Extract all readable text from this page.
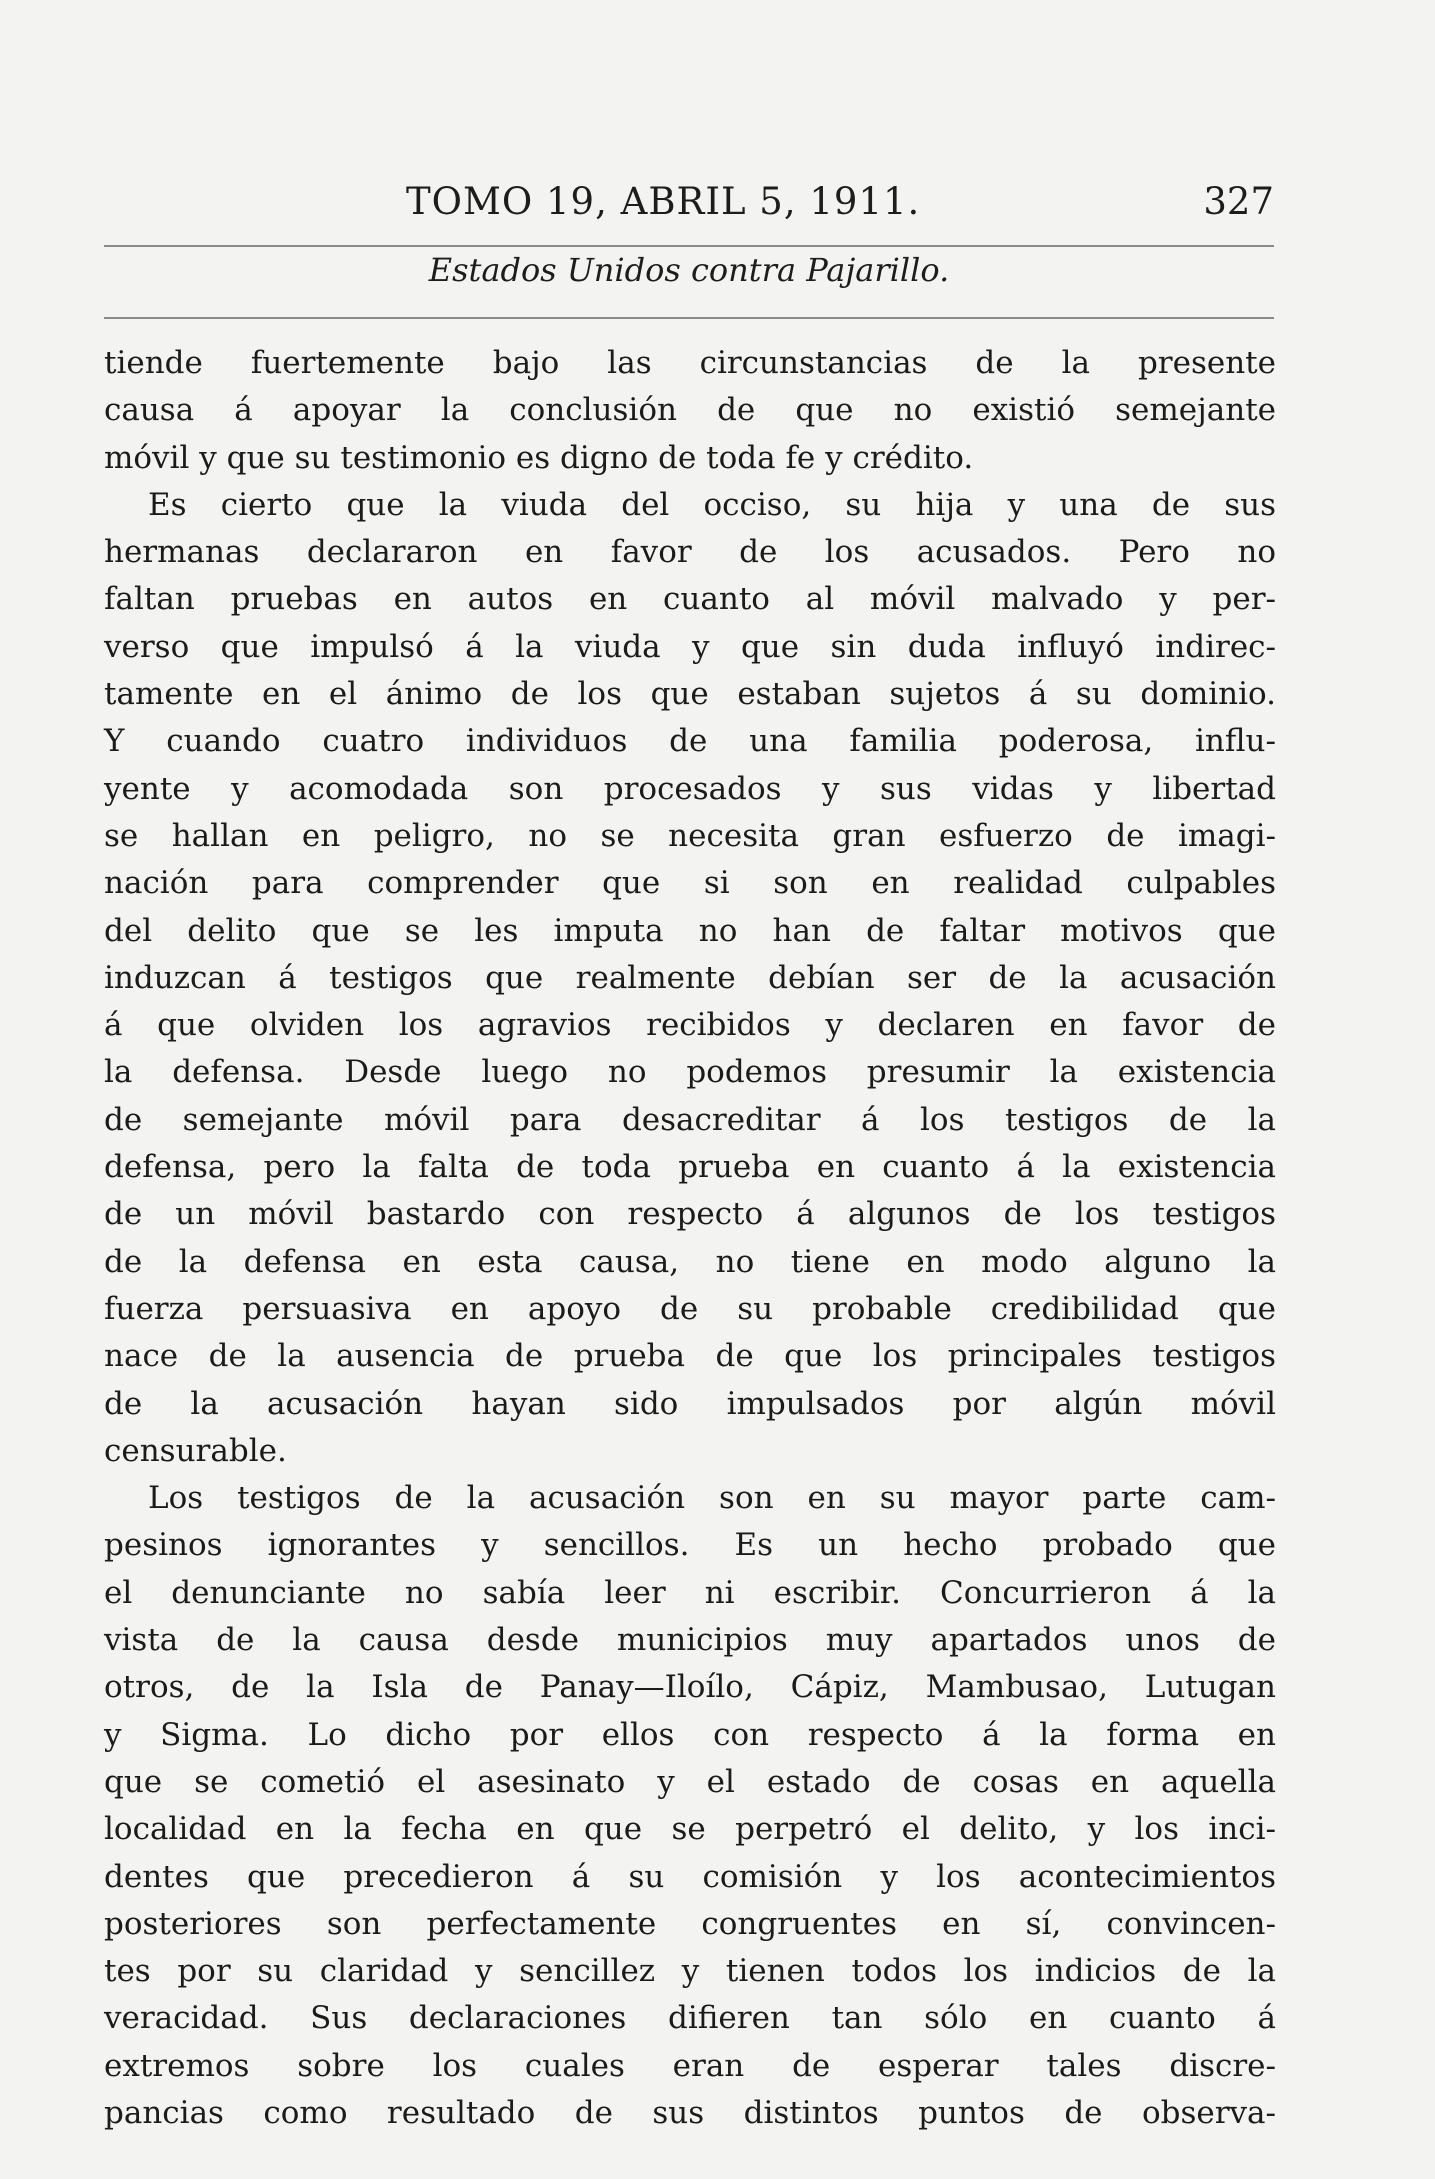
TOMO 19, ABRIL 5, 1911.	327
Estados Unidos contra Pajarillo.
tiende fuertemente bajo las circunstancias de la presente
causa á apoyar la conclusión de que no existió semejante
móvil y que su testimonio es digno de toda fe y crédito.
Es cierto que la viuda del occiso, su hija y una de sus
hermanas declararon en favor de los acusados. Pero no
faltan pruebas en autos en cuanto al móvil malvado y per-
verso que impulsó á la viuda y que sin duda influyó indirec-
tamente en el ánimo de los que estaban sujetos á su dominio.
Y cuando cuatro individuos de una familia poderosa, influ-
yente y acomodada son procesados y sus vidas y libertad
se hallan en peligro, no se necesita gran esfuerzo de imagi-
nación para comprender que si son en realidad culpables
del delito que se les imputa no han de faltar motivos que
induzcan á testigos que realmente debían ser de la acusación
á que olviden los agravios recibidos y declaren en favor de
la defensa. Desde luego no podemos presumir la existencia
de semejante móvil para desacreditar á los testigos de la
defensa, pero la falta de toda prueba en cuanto á la existencia
de un móvil bastardo con respecto á algunos de los testigos
de la defensa en esta causa, no tiene en modo alguno la
fuerza persuasiva en apoyo de su probable credibilidad que
nace de la ausencia de prueba de que los principales testigos
de la acusación hayan sido impulsados por algún móvil
censurable.
Los testigos de la acusación son en su mayor parte cam-
pesinos ignorantes y sencillos. Es un hecho probado que
el denunciante no sabía leer ni escribir. Concurrieron á la
vista de la causa desde municipios muy apartados unos de
otros, de la Isla de Panay—Iloílo, Cápiz, Mambusao, Lutugan
y Sigma. Lo dicho por ellos con respecto á la forma en
que se cometió el asesinato y el estado de cosas en aquella
localidad en la fecha en que se perpetró el delito, y los inci-
dentes que precedieron á su comisión y los acontecimientos
posteriores son perfectamente congruentes en sí, convincen-
tes por su claridad y sencillez y tienen todos los indicios de la
veracidad. Sus declaraciones difieren tan sólo en cuanto á
extremos sobre los cuales eran de esperar tales discre-
pancias como resultado de sus distintos puntos de observa-
